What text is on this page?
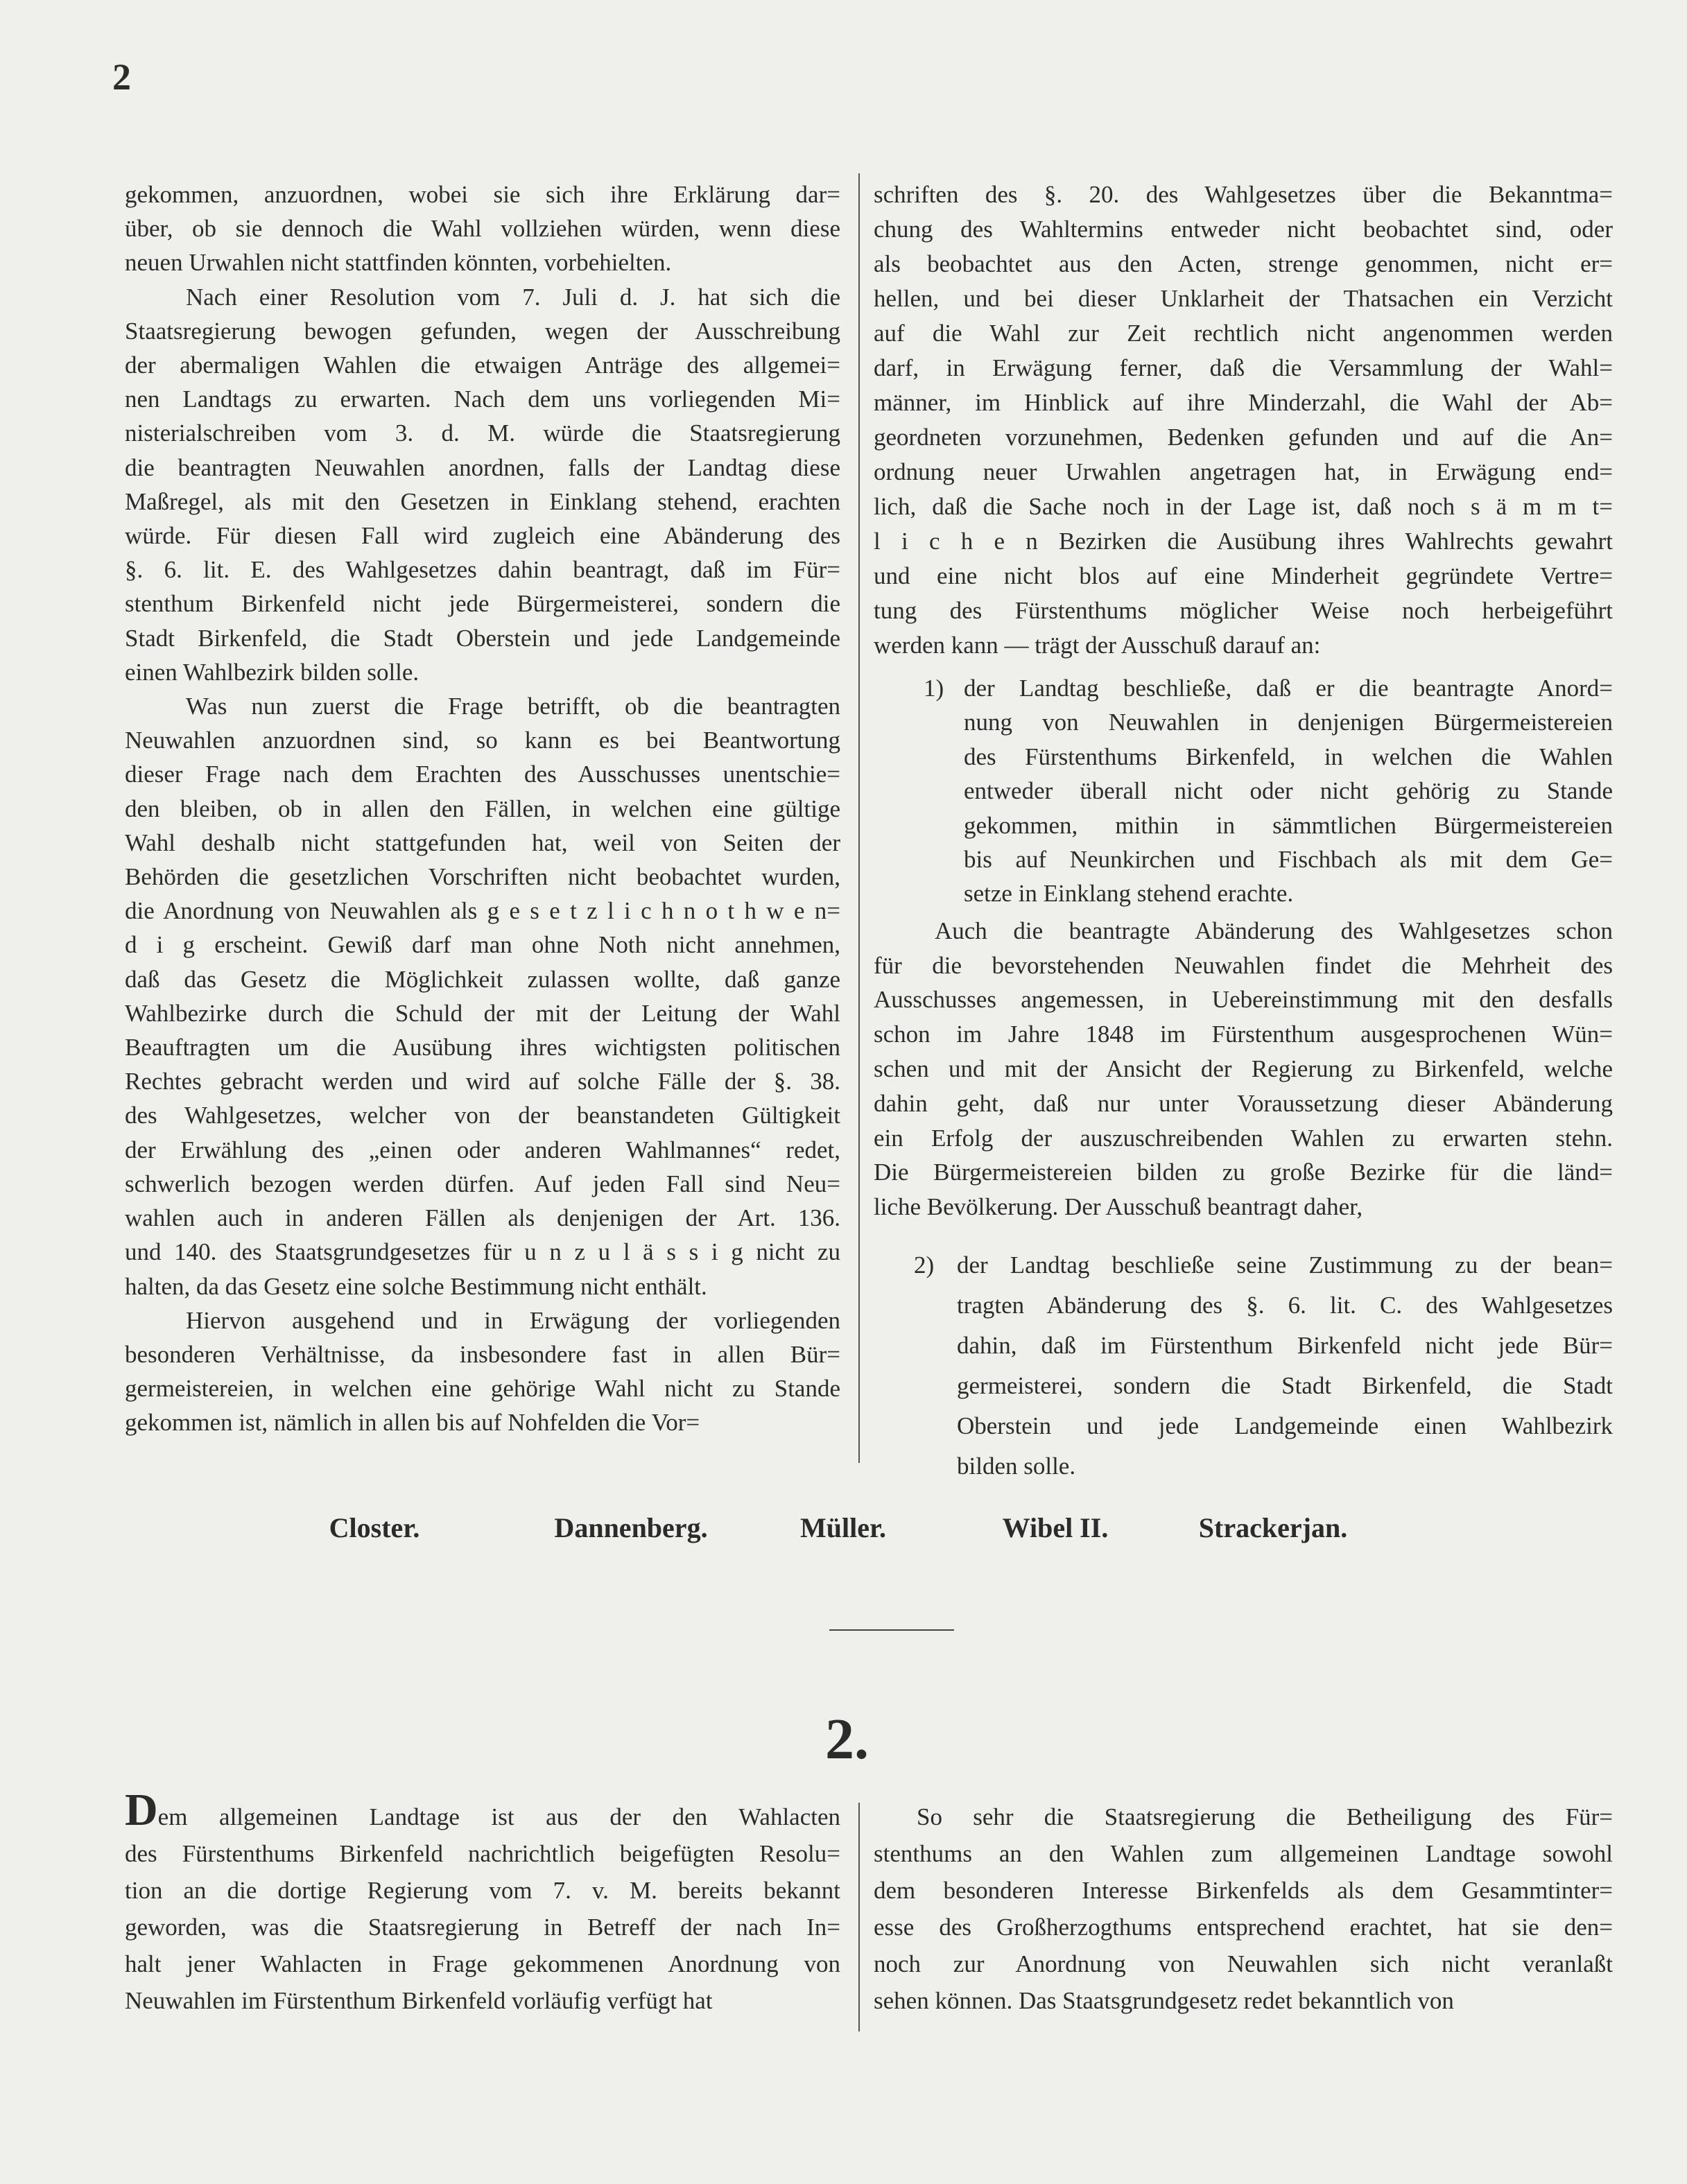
2
gekommen, anzuordnen, wobei sie sich ihre Erklärung dar=
über, ob sie dennoch die Wahl vollziehen würden, wenn diese
neuen Urwahlen nicht stattfinden könnten, vorbehielten.
Nach einer Resolution vom 7. Juli d. J. hat sich die
Staatsregierung bewogen gefunden, wegen der Ausschreibung
der abermaligen Wahlen die etwaigen Anträge des allgemei=
nen Landtags zu erwarten. Nach dem uns vorliegenden Mi=
nisterialschreiben vom 3. d. M. würde die Staatsregierung
die beantragten Neuwahlen anordnen, falls der Landtag diese
Maßregel, als mit den Gesetzen in Einklang stehend, erachten
würde. Für diesen Fall wird zugleich eine Abänderung des
§. 6. lit. E. des Wahlgesetzes dahin beantragt, daß im Für=
stenthum Birkenfeld nicht jede Bürgermeisterei, sondern die
Stadt Birkenfeld, die Stadt Oberstein und jede Landgemeinde
einen Wahlbezirk bilden solle.
Was nun zuerst die Frage betrifft, ob die beantragten
Neuwahlen anzuordnen sind, so kann es bei Beantwortung
dieser Frage nach dem Erachten des Ausschusses unentschie=
den bleiben, ob in allen den Fällen, in welchen eine gültige
Wahl deshalb nicht stattgefunden hat, weil von Seiten der
Behörden die gesetzlichen Vorschriften nicht beobachtet wurden,
die Anordnung von Neuwahlen als g e s e t z l i c h n o t h w e n=
d i g erscheint. Gewiß darf man ohne Noth nicht annehmen,
daß das Gesetz die Möglichkeit zulassen wollte, daß ganze
Wahlbezirke durch die Schuld der mit der Leitung der Wahl
Beauftragten um die Ausübung ihres wichtigsten politischen
Rechtes gebracht werden und wird auf solche Fälle der §. 38.
des Wahlgesetzes, welcher von der beanstandeten Gültigkeit
der Erwählung des „einen oder anderen Wahlmannes“ redet,
schwerlich bezogen werden dürfen. Auf jeden Fall sind Neu=
wahlen auch in anderen Fällen als denjenigen der Art. 136.
und 140. des Staatsgrundgesetzes für u n z u l ä s s i g nicht zu
halten, da das Gesetz eine solche Bestimmung nicht enthält.
Hiervon ausgehend und in Erwägung der vorliegenden
besonderen Verhältnisse, da insbesondere fast in allen Bür=
germeistereien, in welchen eine gehörige Wahl nicht zu Stande
gekommen ist, nämlich in allen bis auf Nohfelden die Vor=
schriften des §. 20. des Wahlgesetzes über die Bekanntma=
chung des Wahltermins entweder nicht beobachtet sind, oder
als beobachtet aus den Acten, strenge genommen, nicht er=
hellen, und bei dieser Unklarheit der Thatsachen ein Verzicht
auf die Wahl zur Zeit rechtlich nicht angenommen werden
darf, in Erwägung ferner, daß die Versammlung der Wahl=
männer, im Hinblick auf ihre Minderzahl, die Wahl der Ab=
geordneten vorzunehmen, Bedenken gefunden und auf die An=
ordnung neuer Urwahlen angetragen hat, in Erwägung end=
lich, daß die Sache noch in der Lage ist, daß noch s ä m m t=
l i c h e n Bezirken die Ausübung ihres Wahlrechts gewahrt
und eine nicht blos auf eine Minderheit gegründete Vertre=
tung des Fürstenthums möglicher Weise noch herbeigeführt
werden kann — trägt der Ausschuß darauf an:
1) der Landtag beschließe, daß er die beantragte Anord=
nung von Neuwahlen in denjenigen Bürgermeistereien
des Fürstenthums Birkenfeld, in welchen die Wahlen
entweder überall nicht oder nicht gehörig zu Stande
gekommen, mithin in sämmtlichen Bürgermeistereien
bis auf Neunkirchen und Fischbach als mit dem Ge=
setze in Einklang stehend erachte.
Auch die beantragte Abänderung des Wahlgesetzes schon
für die bevorstehenden Neuwahlen findet die Mehrheit des
Ausschusses angemessen, in Uebereinstimmung mit den desfalls
schon im Jahre 1848 im Fürstenthum ausgesprochenen Wün=
schen und mit der Ansicht der Regierung zu Birkenfeld, welche
dahin geht, daß nur unter Voraussetzung dieser Abänderung
ein Erfolg der auszuschreibenden Wahlen zu erwarten stehn.
Die Bürgermeistereien bilden zu große Bezirke für die länd=
liche Bevölkerung. Der Ausschuß beantragt daher,
2) der Landtag beschließe seine Zustimmung zu der bean=
tragten Abänderung des §. 6. lit. C. des Wahlgesetzes
dahin, daß im Fürstenthum Birkenfeld nicht jede Bür=
germeisterei, sondern die Stadt Birkenfeld, die Stadt
Oberstein und jede Landgemeinde einen Wahlbezirk
bilden solle.
Closter.	Dannenberg.	Müller.	Wibel II.	Strackerjan.
2.
Dem allgemeinen Landtage ist aus der den Wahlacten
des Fürstenthums Birkenfeld nachrichtlich beigefügten Resolu=
tion an die dortige Regierung vom 7. v. M. bereits bekannt
geworden, was die Staatsregierung in Betreff der nach In=
halt jener Wahlacten in Frage gekommenen Anordnung von
Neuwahlen im Fürstenthum Birkenfeld vorläufig verfügt hat
So sehr die Staatsregierung die Betheiligung des Für=
stenthums an den Wahlen zum allgemeinen Landtage sowohl
dem besonderen Interesse Birkenfelds als dem Gesammtinter=
esse des Großherzogthums entsprechend erachtet, hat sie den=
noch zur Anordnung von Neuwahlen sich nicht veranlaßt
sehen können. Das Staatsgrundgesetz redet bekanntlich von
